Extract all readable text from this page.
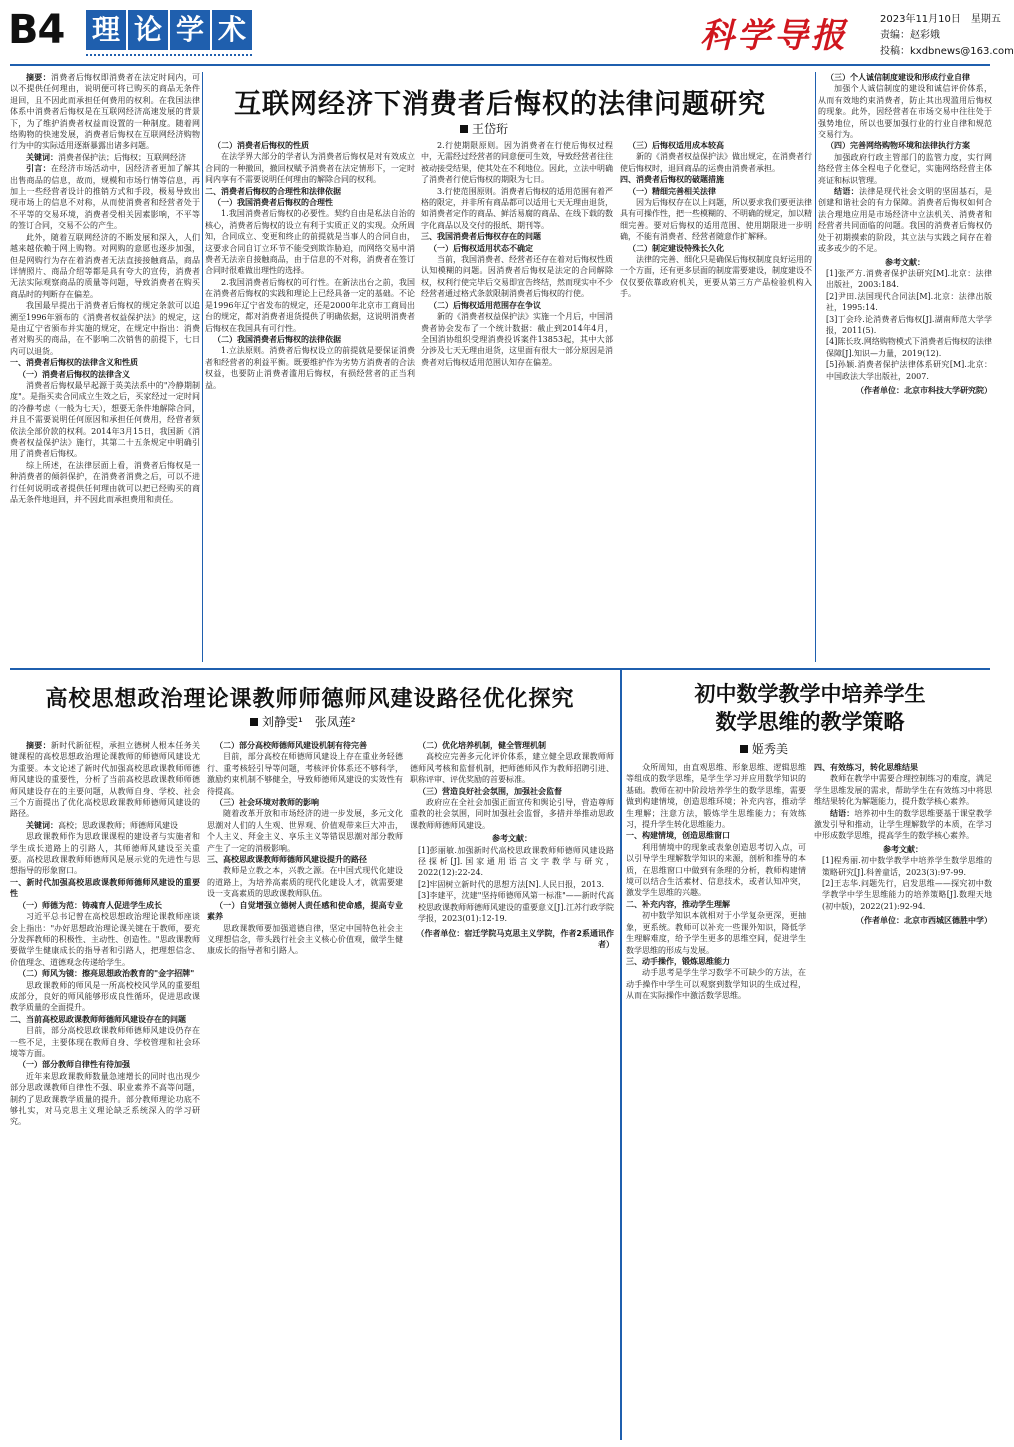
B4 理 论 学 术	科学导报	2023年11月10日　星期五
责编：赵彩娥
投稿：kxdbnews@163.com
互联网经济下消费者后悔权的法律问题研究
王岱珩

摘要：消费者后悔权即消费者在法定时间内，可以不提供任何理由，说明便可将已购买的商品无条件退回，且不因此而承担任何费用的权利。在我国法律体系中消费者后悔权是在互联网经济高速发展的背景下，为了维护消费者权益而设置的一种制度。随着网络购物的快速发展，消费者后悔权在互联网经济购物行为中的实际适用逐渐暴露出诸多问题。

关键词：消费者保护法；后悔权；互联网经济

引言：在经济市场活动中，因经济者更加了解其出售商品的信息，故而，规模和市场行情等信息，再加上一些经营者设计的推销方式和手段，极易导致出现市场上的信息不对称，从而使消费者和经营者处于不平等的交易环境，消费者受相关因素影响，不平等的签订合同，交易不公的产生。

此外，随着互联网经济的不断发展和深入，人们越来越依赖于网上购物。对网购的意愿也逐步加强，但是网购行为存在着消费者无法直接接触商品，商品详情照片、商品介绍等都是具有夸大的宣传，消费者无法实际观察商品的质量等问题，导致消费者在购买商品时的判断存在偏差。

我国最早提出于消费者后悔权的规定条款可以追溯至1996年颁布的《消费者权益保护法》的规定，这是由辽宁省颁布并实施的规定，在规定中指出：消费者对购买的商品，在不影响二次销售的前提下，七日内可以退货。

一、消费者后悔权的法律含义和性质

（一）消费者后悔权的法律含义

消费者后悔权最早起源于英美法系中的"冷静期制度"。是指买卖合同成立生效之后，买家经过一定时间的冷静考虑（一般为七天），想要无条件地解除合同，并且不需要说明任何原因和承担任何费用，经营者须依法全部价款的权利。2014年3月15日，我国新《消费者权益保护法》施行，其第二十五条规定中明确引用了消费者后悔权。

综上所述，在法律层面上看，消费者后悔权是一种消费者的倾斜保护，在消费者消费之后，可以不进行任何说明或者提供任何理由就可以把已经购买的商品无条件地退回，并不因此而承担费用和责任。

（二）消费者后悔权的性质

在法学界大部分的学者认为消费者后悔权是对有效成立合同的一种撤回，撤回权赋予消费者在法定情形下，一定时间内享有不需要说明任何理由的解除合同的权利。

二、消费者后悔权的合理性和法律依据

（一）我国消费者后悔权的合理性

1.我国消费者后悔权的必要性。契约自由是私法自治的核心，消费者后悔权的设立有利于实质正义的实现。众所周知，合同成立、变更和终止的前提就是当事人的合同自由，这要求合同自订立环节不能受到欺诈胁迫，而网络交易中消费者无法亲自接触商品，由于信息的不对称，消费者在签订合同时很难做出理性的选择。

2.我国消费者后悔权的可行性。在新法出台之前，我国在消费者后悔权的实践和理论上已经具备一定的基础。不论是1996年辽宁省发布的规定，还是2000年北京市工商局出台的规定，都对消费者退货提供了明确依据，这说明消费者后悔权在我国具有可行性。

（二）我国消费者后悔权的法律依据

1.立法原则。消费者后悔权设立的前提就是要保证消费者和经营者的利益平衡。既要维护作为劣势方消费者的合法权益，也要防止消费者滥用后悔权，有损经营者的正当利益。

2.行使期限原则。因为消费者在行使后悔权过程中，无需经过经营者的同意便可生效，导致经营者往往被动接受结果，使其处在不利地位。因此，立法中明确了消费者行使后悔权的期限为七日。

3.行使范围原则。消费者后悔权的适用范围有着严格的限定，并非所有商品都可以适用七天无理由退货，如消费者定作的商品、鲜活易腐的商品、在线下载的数字化商品以及交付的报纸、期刊等。

三、我国消费者后悔权存在的问题

（一）后悔权适用状态不确定

当前，我国消费者、经营者还存在着对后悔权性质认知模糊的问题。因消费者后悔权是法定的合同解除权，权利行使完毕后交易即宣告终结，然而现实中不少经营者通过格式条款限制消费者后悔权的行使。

（二）后悔权适用范围存在争议

新的《消费者权益保护法》实施一个月后，中国消费者协会发布了一个统计数据：截止到2014年4月，全国消协组织受理消费投诉案件13853起，其中大部分涉及七天无理由退货，这里面有很大一部分原因是消费者对后悔权适用范围认知存在偏差。

（三）后悔权适用成本较高

新的《消费者权益保护法》做出规定，在消费者行使后悔权时，退回商品的运费由消费者承担。

四、消费者后悔权的破题措施

（一）精细完善相关法律

因为后悔权存在以上问题，所以要求我们要更法律具有可操作性，把一些模糊的、不明确的规定，加以精细完善。要对后悔权的适用范围、使用期限进一步明确，不能有消费者、经营者随意作扩解释。

（二）制定建设特殊长久化

法律的完善、细化只是确保后悔权制度良好运用的一个方面，还有更多层面的制度需要建设，制度建设不仅仅要依靠政府机关，更要从第三方产品检验机构入手。

（三）个人诚信制度建设和形成行业自律

加强个人诚信制度的建设和诚信评价体系，从而有效地约束消费者，防止其出现滥用后悔权的现象。此外，因经营者在市场交易中往往处于强势地位，所以也要加强行业的行业自律和规范交易行为。

（四）完善网络购物环境和法律执行方案

加强政府行政主管部门的监管力度，实行网络经营主体全程电子化登记，实施网络经营主体亮证和标识管理。

结语：法律是现代社会文明的坚固基石，是创建和谐社会的有力保障。消费者后悔权如何合法合理地应用是市场经济中立法机关、消费者和经营者共同面临的问题。我国的消费者后悔权仍处于初期摸索的阶段，其立法与实践之间存在着或多或少的不足。

参考文献：

[1]张严方.消费者保护法研究[M].北京：法律出版社，2003:184.

[2]尹田.法国现代合同法[M].北京：法律出版社，1995:14.

[3]丁会玲.论消费者后悔权[J].湖南师范大学学报，2011(5).

[4]陈长玫.网络购物模式下消费者后悔权的法律保障[J].知识—力量，2019(12).

[5]孙颖.消费者保护法律体系研究[M].北京：中国政法大学出版社，2007.

（作者单位：北京市科技大学研究院）

高校思想政治理论课教师师德师风建设路径优化探究
刘静雯¹　张凤莲²

摘要：新时代新征程，承担立德树人根本任务关键课程的高校思想政治理论课教师的师德师风建设尤为重要。本文论述了新时代加强高校思政课教师师德师风建设的重要性，分析了当前高校思政课教师师德师风建设存在的主要问题，从教师自身、学校、社会三个方面提出了优化高校思政课教师师德师风建设的路径。

关键词：高校；思政课教师；师德师风建设

思政课教师作为思政课课程的建设者与实施者和学生成长道路上的引路人，其师德师风建设至关重要。高校思政课教师师德师风是展示党的先进性与思想指导的形象窗口。

一、新时代加强高校思政课教师师德师风建设的重要性

（一）师德为范：铸魂育人促进学生成长

习近平总书记曾在高校思想政治理论课教师座谈会上指出："办好思想政治理论课关键在于教师，要充分发挥教师的积极性、主动性、创造性。"思政课教师要做学生健康成长的指导者和引路人，把理想信念、价值理念、道德观念传递给学生。

（二）师风为镜：擦亮思想政治教育的"金字招牌"

思政课教师的师风是一所高校校风学风的重要组成部分，良好的师风能够形成良性循环，促进思政课教学质量的全面提升。

二、当前高校思政课教师师德师风建设存在的问题

目前，部分高校思政课教师师德师风建设仍存在一些不足，主要体现在教师自身、学校管理和社会环境等方面。

（一）部分教师自律性有待加强

近年来思政课教师数量急速增长的同时也出现少部分思政课教师自律性不强、职业素养不高等问题，制约了思政课教学质量的提升。部分教师理论功底不够扎实，对马克思主义理论缺乏系统深入的学习研究。

（二）部分高校师德师风建设机制有待完善

目前，部分高校在师德师风建设上存在重业务轻德行、重考核轻引导等问题，考核评价体系还不够科学，激励约束机制不够健全，导致师德师风建设的实效性有待提高。

（三）社会环境对教师的影响

随着改革开放和市场经济的进一步发展，多元文化思潮对人们的人生观、世界观、价值观带来巨大冲击，个人主义、拜金主义、享乐主义等错误思潮对部分教师产生了一定的消极影响。

三、高校思政课教师师德师风建设提升的路径

教师是立教之本，兴教之源。在中国式现代化建设的道路上，为培养高素质的现代化建设人才，就需要建设一支高素质的思政课教师队伍。

（一）自觉增强立德树人责任感和使命感，提高专业素养

思政课教师要加强道德自律，坚定中国特色社会主义理想信念，带头践行社会主义核心价值观，做学生健康成长的指导者和引路人。

（二）优化培养机制，健全管理机制

高校应完善多元化评价体系，建立健全思政课教师师德师风考核和监督机制，把师德师风作为教师招聘引进、职称评审、评优奖励的首要标准。

（三）营造良好社会氛围，加强社会监督

政府应在全社会加强正面宣传和舆论引导，营造尊师重教的社会氛围，同时加强社会监督，多措并举推动思政课教师师德师风建设。

参考文献：

[1]彭丽敏.加强新时代高校思政课教师师德师风建设路径探析[J].国家通用语言文字教学与研究，2022(12):22-24.

[2]牢固树立新时代的思想方法[N].人民日报，2013.

[3]李建平，沈建"坚持师德师风第一标准"——新时代高校思政课教师师德师风建设的重要意义[J].江苏行政学院学报，2023(01):12-19.

（作者单位：宿迁学院马克思主义学院，作者2系通讯作者）

初中数学教学中培养学生
数学思维的教学策略
姬秀美

众所周知，由直观思维、形象思维、逻辑思维等组成的数学思维，是学生学习并应用数学知识的基础。教师在初中阶段培养学生的数学思维，需要做到构建情境，创造思维环境；补充内容，推动学生理解；注意方法，锻炼学生思维能力；有效练习，提升学生转化思维能力。

一、构建情境，创造思维窗口

利用情境中的现象或表象创造思考切入点，可以引导学生理解数学知识的来源，剖析和推导的本质，在思维窗口中做到有条理的分析，教师构建情境可以结合生活素材、信息技术，或者认知冲突，激发学生思维的兴趣。

二、补充内容，推动学生理解

初中数学知识本就相对于小学复杂更深，更抽象，更系统。教师可以补充一些课外知识，降低学生理解难度，给予学生更多的思维空间，促进学生数学思维的形成与发展。

三、动手操作，锻炼思维能力

动手思考是学生学习数学不可缺少的方法，在动手操作中学生可以观察到数学知识的生成过程，从而在实际操作中激活数学思维。

四、有效练习，转化思维结果

教师在教学中需要合理控制练习的难度，满足学生思维发展的需求，帮助学生在有效练习中将思维结果转化为解题能力，提升数学核心素养。

结语：培养初中生的数学思维要基于课堂教学激发引导和推动，让学生理解数学的本质，在学习中形成数学思维，提高学生的数学核心素养。

参考文献：

[1]程秀丽.初中数学教学中培养学生数学思维的策略研究[J].科普童话，2023(3):97-99.

[2]王志华.问题先行，启发思维——探究初中数学教学中学生思维能力的培养策略[J].数理天地(初中版)，2022(21):92-94.

（作者单位：北京市西城区德胜中学）
